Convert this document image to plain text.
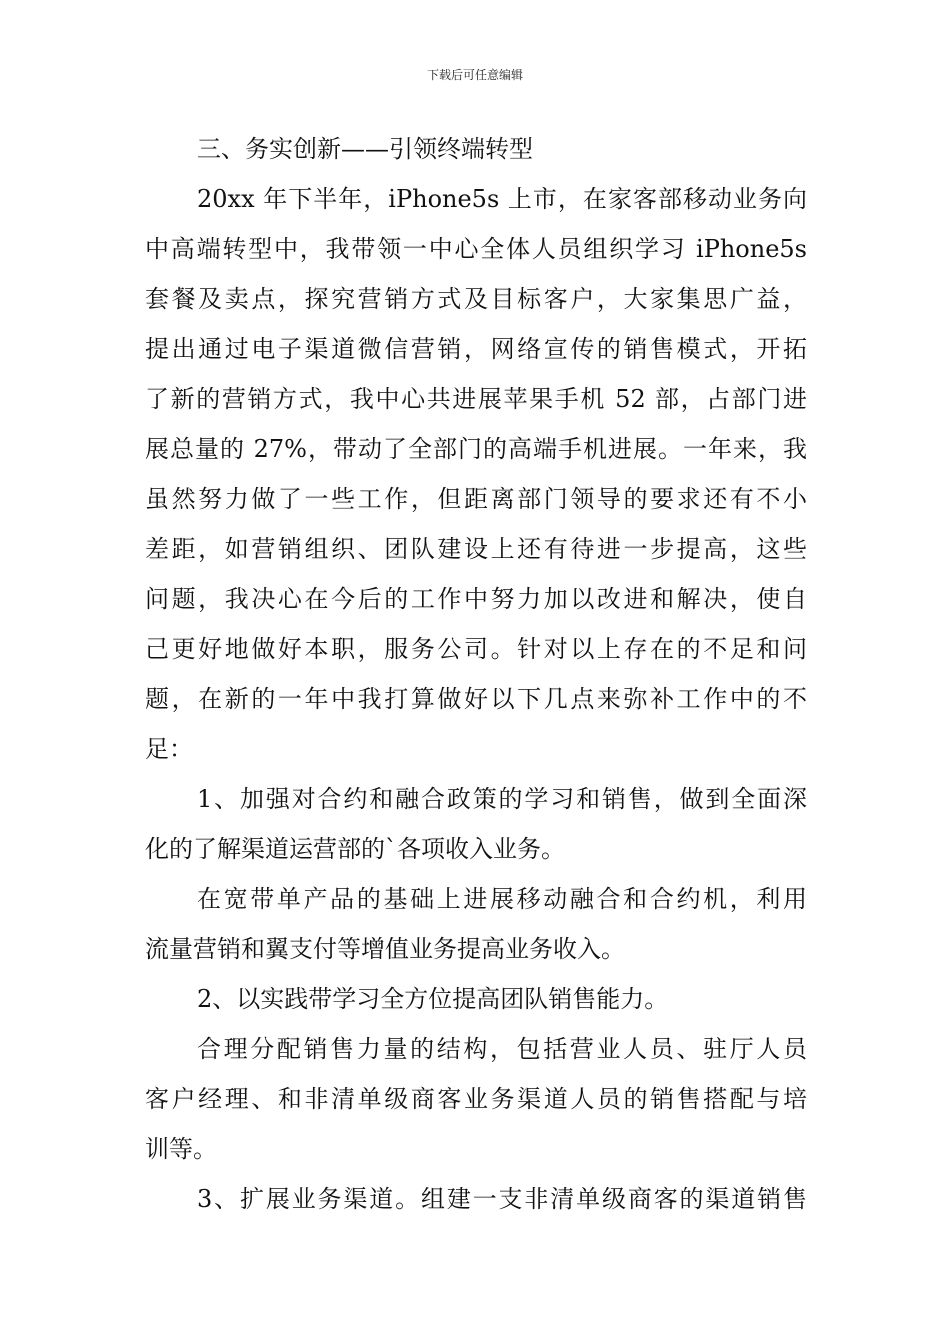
下载后可任意编辑
三、务实创新——引领终端转型
20xx 年下半年，iPhone5s 上市，在家客部移动业务向
中高端转型中，我带领一中心全体人员组织学习 iPhone5s
套餐及卖点，探究营销方式及目标客户，大家集思广益，
提出通过电子渠道微信营销，网络宣传的销售模式，开拓
了新的营销方式，我中心共进展苹果手机 52 部，占部门进
展总量的 27%，带动了全部门的高端手机进展。一年来，我
虽然努力做了一些工作，但距离部门领导的要求还有不小
差距，如营销组织、团队建设上还有待进一步提高，这些
问题，我决心在今后的工作中努力加以改进和解决，使自
己更好地做好本职，服务公司。针对以上存在的不足和问
题，在新的一年中我打算做好以下几点来弥补工作中的不
足：
1、加强对合约和融合政策的学习和销售，做到全面深
化的了解渠道运营部的`各项收入业务。
在宽带单产品的基础上进展移动融合和合约机，利用
流量营销和翼支付等增值业务提高业务收入。
2、以实践带学习全方位提高团队销售能力。
合理分配销售力量的结构，包括营业人员、驻厅人员
客户经理、和非清单级商客业务渠道人员的销售搭配与培
训等。
3、扩展业务渠道。组建一支非清单级商客的渠道销售
